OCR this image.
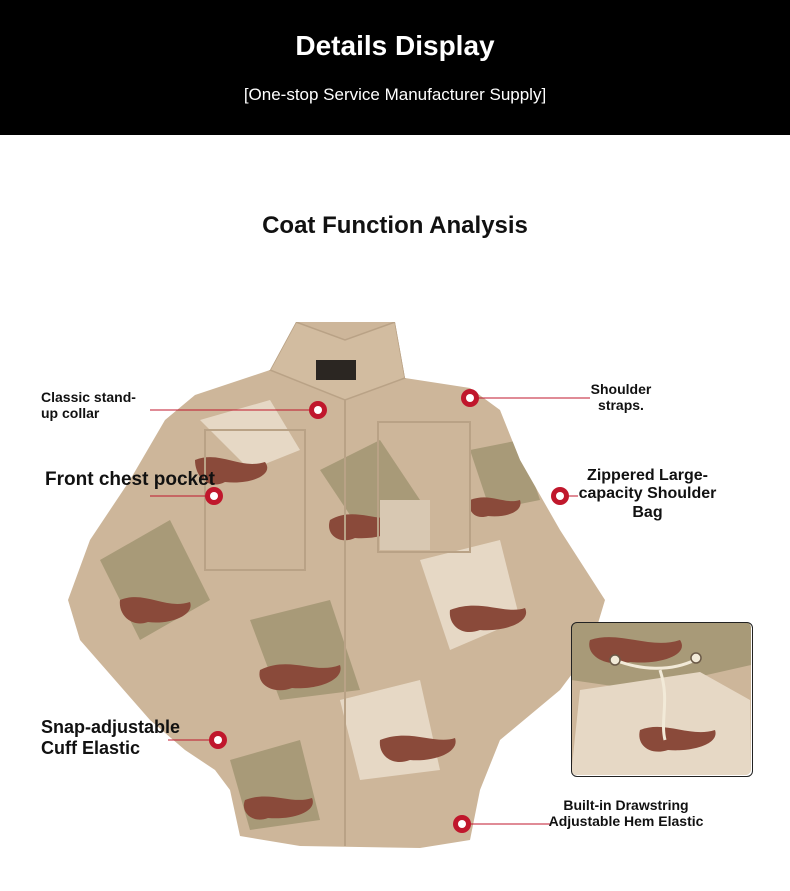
Details Display
[One-stop Service Manufacturer Supply]
Coat Function Analysis
Classic stand-up collar
Front chest pocket
Snap-adjustable Cuff Elastic
Shoulder straps.
Zippered Large-capacity Shoulder Bag
Built-in Drawstring Adjustable Hem Elastic
